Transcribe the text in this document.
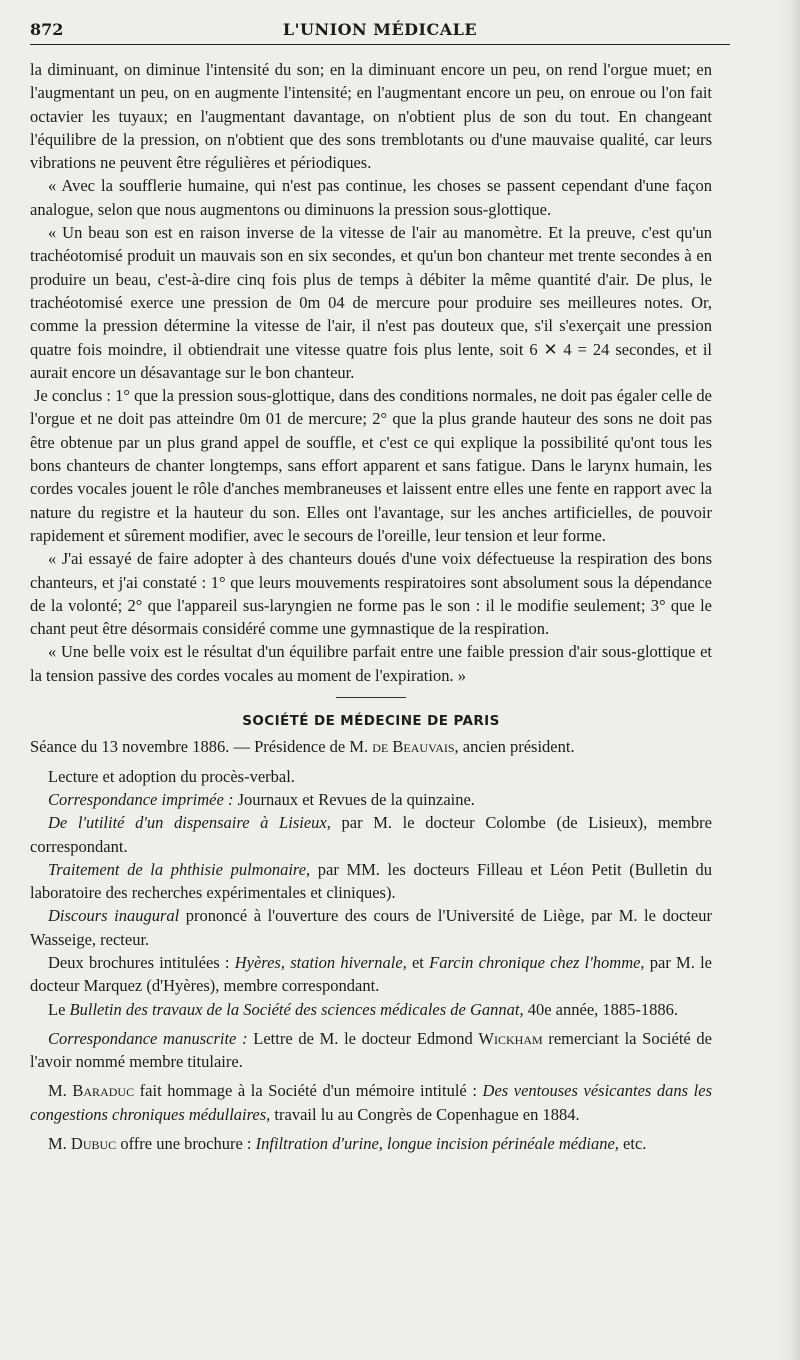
872	L'UNION MÉDICALE

la diminuant, on diminue l'intensité du son; en la diminuant encore un peu, on rend l'orgue muet; en l'augmentant un peu, on en augmente l'intensité; en l'augmentant encore un peu, on enroue ou l'on fait octavier les tuyaux; en l'augmentant davantage, on n'obtient plus de son du tout. En changeant l'équilibre de la pression, on n'obtient que des sons tremblotants ou d'une mauvaise qualité, car leurs vibrations ne peuvent être régulières et périodiques.

« Avec la soufflerie humaine, qui n'est pas continue, les choses se passent cependant d'une façon analogue, selon que nous augmentons ou diminuons la pression sous-glottique.

« Un beau son est en raison inverse de la vitesse de l'air au manomètre. Et la preuve, c'est qu'un trachéotomisé produit un mauvais son en six secondes, et qu'un bon chanteur met trente secondes à en produire un beau, c'est-à-dire cinq fois plus de temps à débiter la même quantité d'air. De plus, le trachéotomisé exerce une pression de 0m 04 de mercure pour produire ses meilleures notes. Or, comme la pression détermine la vitesse de l'air, il n'est pas douteux que, s'il s'exerçait une pression quatre fois moindre, il obtiendrait une vitesse quatre fois plus lente, soit 6 ✕ 4 = 24 secondes, et il aurait encore un désavantage sur le bon chanteur.

Je conclus : 1° que la pression sous-glottique, dans des conditions normales, ne doit pas égaler celle de l'orgue et ne doit pas atteindre 0m 01 de mercure; 2° que la plus grande hauteur des sons ne doit pas être obtenue par un plus grand appel de souffle, et c'est ce qui explique la possibilité qu'ont tous les bons chanteurs de chanter longtemps, sans effort apparent et sans fatigue. Dans le larynx humain, les cordes vocales jouent le rôle d'anches membraneuses et laissent entre elles une fente en rapport avec la nature du registre et la hauteur du son. Elles ont l'avantage, sur les anches artificielles, de pouvoir rapidement et sûrement modifier, avec le secours de l'oreille, leur tension et leur forme.

« J'ai essayé de faire adopter à des chanteurs doués d'une voix défectueuse la respiration des bons chanteurs, et j'ai constaté : 1° que leurs mouvements respiratoires sont absolument sous la dépendance de la volonté; 2° que l'appareil sus-laryngien ne forme pas le son : il le modifie seulement; 3° que le chant peut être désormais considéré comme une gymnastique de la respiration.

« Une belle voix est le résultat d'un équilibre parfait entre une faible pression d'air sous-glottique et la tension passive des cordes vocales au moment de l'expiration. »

SOCIÉTÉ DE MÉDECINE DE PARIS

Séance du 13 novembre 1886. — Présidence de M. de Beauvais, ancien président.

Lecture et adoption du procès-verbal.

Correspondance imprimée : Journaux et Revues de la quinzaine.

De l'utilité d'un dispensaire à Lisieux, par M. le docteur Colombe (de Lisieux), membre correspondant.

Traitement de la phthisie pulmonaire, par MM. les docteurs Filleau et Léon Petit (Bulletin du laboratoire des recherches expérimentales et cliniques).

Discours inaugural prononcé à l'ouverture des cours de l'Université de Liège, par M. le docteur Wasseige, recteur.

Deux brochures intitulées : Hyères, station hivernale, et Farcin chronique chez l'homme, par M. le docteur Marquez (d'Hyères), membre correspondant.

Le Bulletin des travaux de la Société des sciences médicales de Gannat, 40e année, 1885-1886.

Correspondance manuscrite : Lettre de M. le docteur Edmond Wickham remerciant la Société de l'avoir nommé membre titulaire.

M. Baraduc fait hommage à la Société d'un mémoire intitulé : Des ventouses vésicantes dans les congestions chroniques médullaires, travail lu au Congrès de Copenhague en 1884.

M. Dubuc offre une brochure : Infiltration d'urine, longue incision périnéale médiane, etc.
